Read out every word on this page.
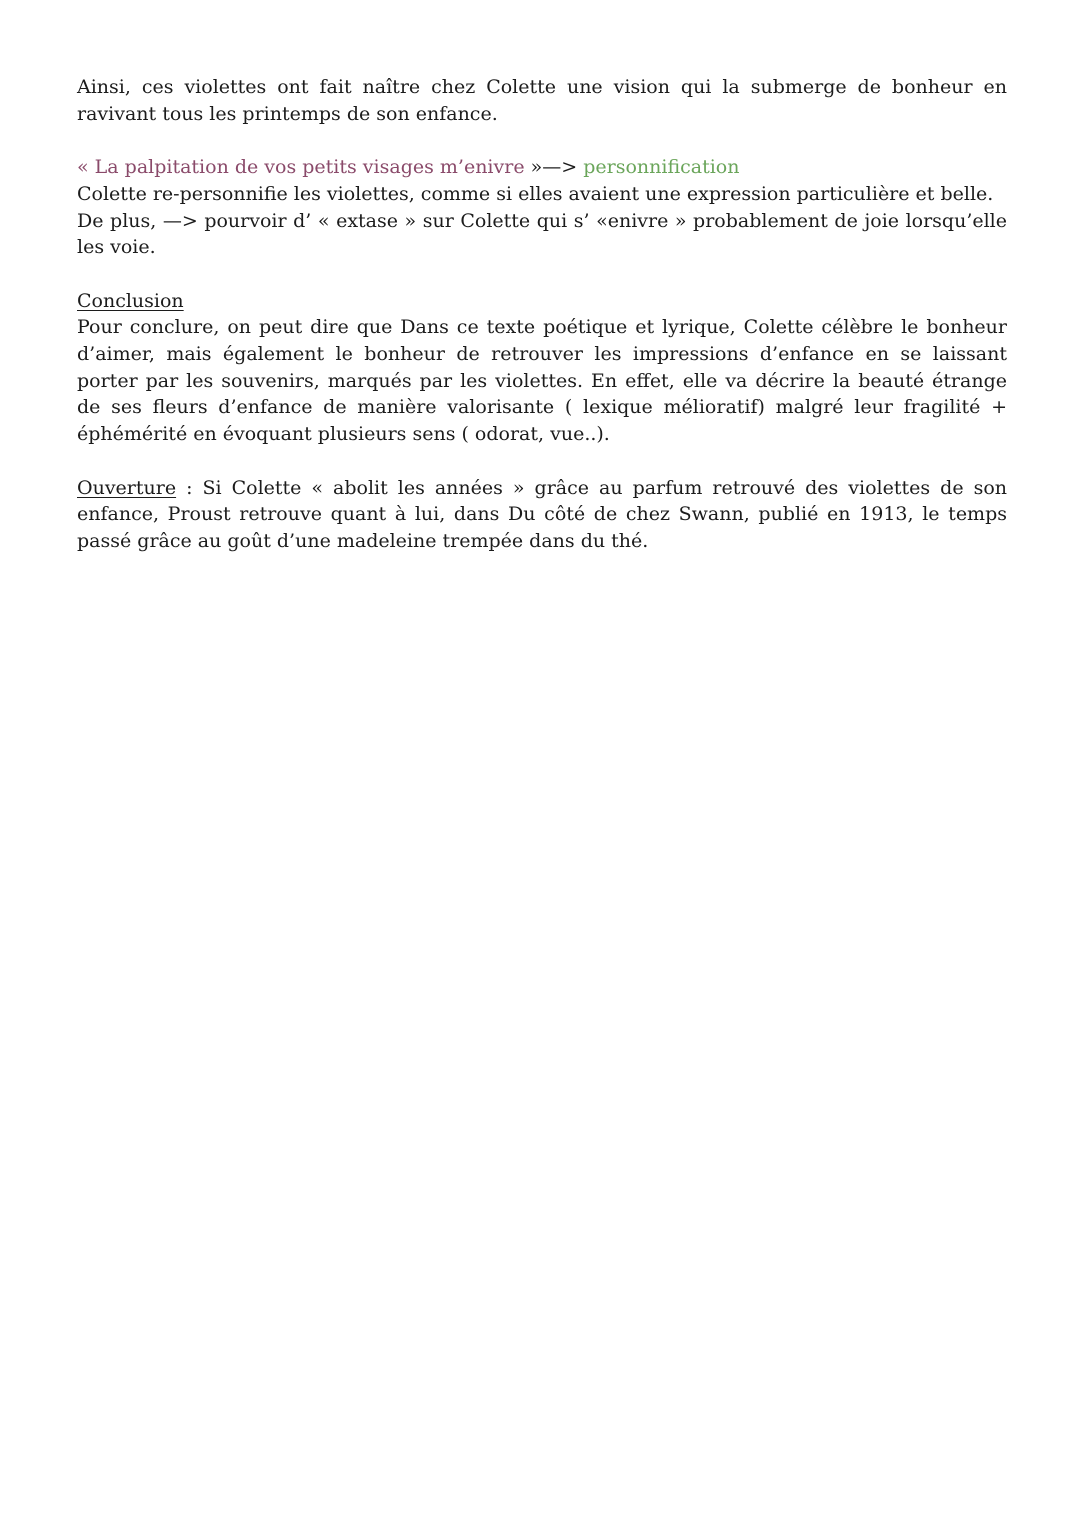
Ainsi, ces violettes ont fait naître chez Colette une vision qui la submerge de bonheur en ravivant tous les printemps de son enfance.

« La palpitation de vos petits visages m’enivre »—> personnification

Colette re-personnifie les violettes, comme si elles avaient une expression particulière et belle.

De plus, —> pourvoir d’ « extase » sur Colette qui s’ «enivre » probablement de joie lorsqu’elle les voie.

Conclusion

Pour conclure, on peut dire que Dans ce texte poétique et lyrique, Colette célèbre le bonheur d’aimer, mais également le bonheur de retrouver les impressions d’enfance en se laissant porter par les souvenirs, marqués par les violettes. En effet, elle va décrire la beauté étrange de ses fleurs d’enfance de manière valorisante ( lexique mélioratif) malgré leur fragilité + éphémérité en évoquant plusieurs sens ( odorat, vue..).

Ouverture : Si Colette « abolit les années » grâce au parfum retrouvé des violettes de son enfance, Proust retrouve quant à lui, dans Du côté de chez Swann, publié en 1913, le temps passé grâce au goût d’une madeleine trempée dans du thé.
